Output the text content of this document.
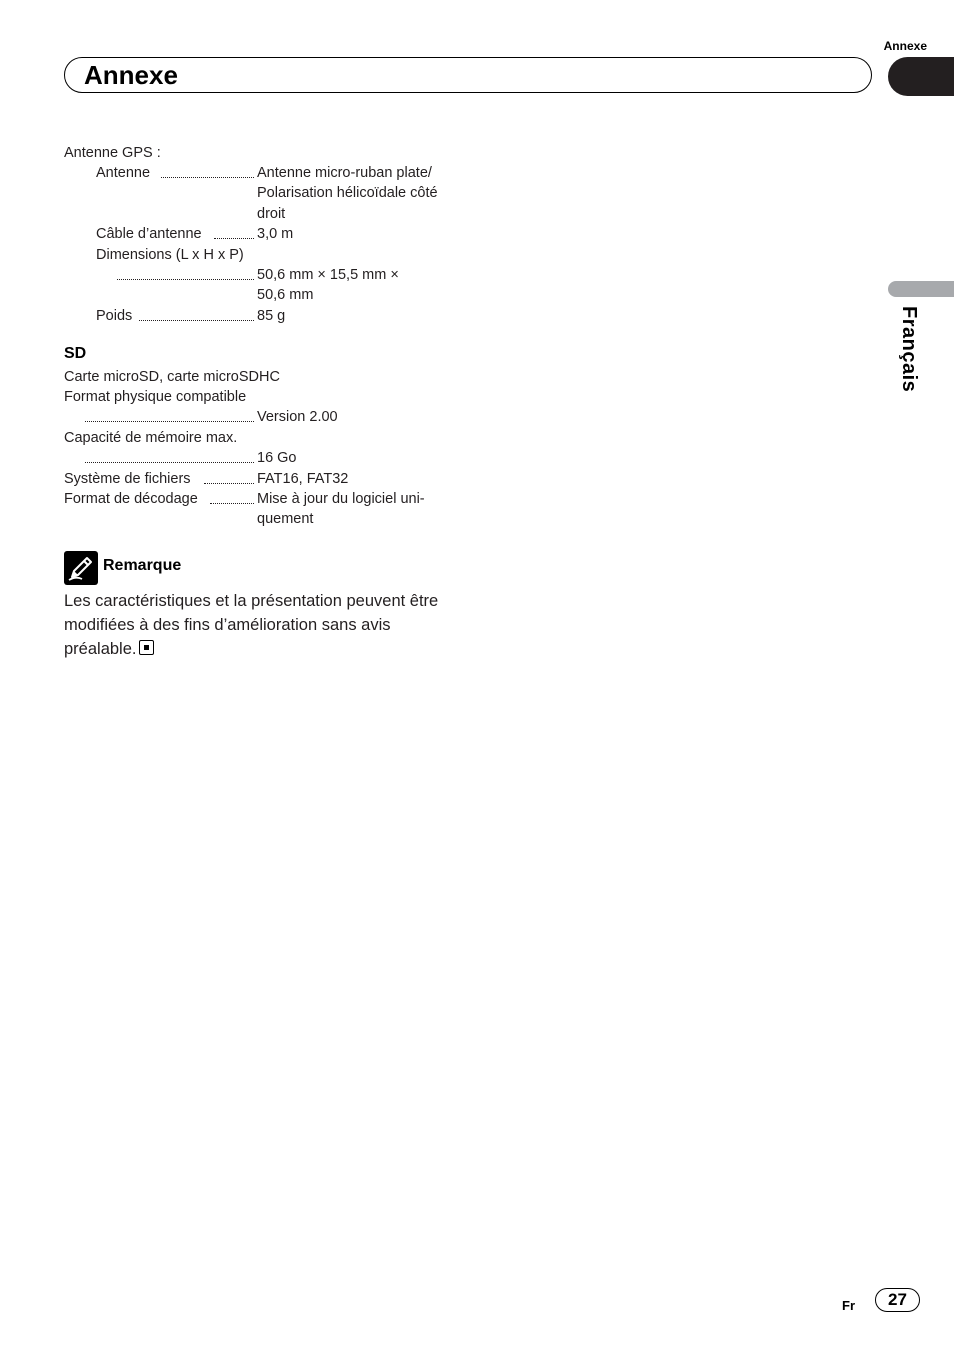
Annexe
Annexe
Français
Antenne GPS :
Antenne	Antenne micro-ruban plate/
Polarisation hélicoïdale côté
droit
Câble d’antenne	3,0 m
Dimensions (L x H x P)
50,6 mm × 15,5 mm ×
50,6 mm
Poids	85 g
SD
Carte microSD, carte microSDHC
Format physique compatible
Version 2.00
Capacité de mémoire max.
16 Go
Système de fichiers	FAT16, FAT32
Format de décodage	Mise à jour du logiciel uni-
quement
Remarque
Les caractéristiques et la présentation peuvent être modifiées à des fins d’amélioration sans avis préalable.
Fr	27
